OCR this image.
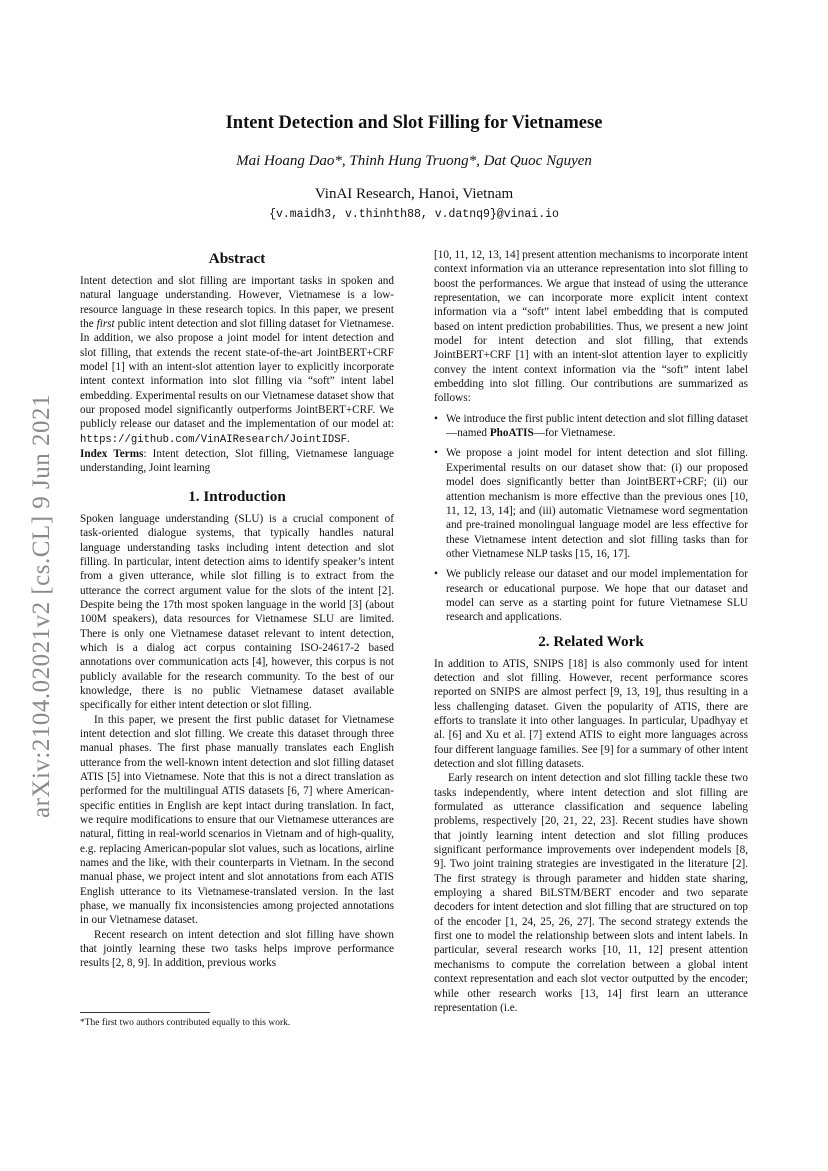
arXiv:2104.02021v2 [cs.CL] 9 Jun 2021
Intent Detection and Slot Filling for Vietnamese
Mai Hoang Dao*, Thinh Hung Truong*, Dat Quoc Nguyen
VinAI Research, Hanoi, Vietnam
{v.maidh3, v.thinhth88, v.datnq9}@vinai.io
Abstract

Intent detection and slot filling are important tasks in spoken and natural language understanding. However, Vietnamese is a low-resource language in these research topics. In this paper, we present the first public intent detection and slot filling dataset for Vietnamese. In addition, we also propose a joint model for intent detection and slot filling, that extends the recent state-of-the-art JointBERT+CRF model [1] with an intent-slot attention layer to explicitly incorporate intent context information into slot filling via “soft” intent label embedding. Experimental results on our Vietnamese dataset show that our proposed model significantly outperforms JointBERT+CRF. We publicly release our dataset and the implementation of our model at: https://github.com/VinAIResearch/JointIDSF.

Index Terms: Intent detection, Slot filling, Vietnamese language understanding, Joint learning

1. Introduction

Spoken language understanding (SLU) is a crucial component of task-oriented dialogue systems, that typically handles natural language understanding tasks including intent detection and slot filling. In particular, intent detection aims to identify speaker’s intent from a given utterance, while slot filling is to extract from the utterance the correct argument value for the slots of the intent [2]. Despite being the 17th most spoken language in the world [3] (about 100M speakers), data resources for Vietnamese SLU are limited. There is only one Vietnamese dataset relevant to intent detection, which is a dialog act corpus containing ISO-24617-2 based annotations over communication acts [4], however, this corpus is not publicly available for the research community. To the best of our knowledge, there is no public Vietnamese dataset available specifically for either intent detection or slot filling.

In this paper, we present the first public dataset for Vietnamese intent detection and slot filling. We create this dataset through three manual phases. The first phase manually translates each English utterance from the well-known intent detection and slot filling dataset ATIS [5] into Vietnamese. Note that this is not a direct translation as performed for the multilingual ATIS datasets [6, 7] where American-specific entities in English are kept intact during translation. In fact, we require modifications to ensure that our Vietnamese utterances are natural, fitting in real-world scenarios in Vietnam and of high-quality, e.g. replacing American-popular slot values, such as locations, airline names and the like, with their counterparts in Vietnam. In the second manual phase, we project intent and slot annotations from each ATIS English utterance to its Vietnamese-translated version. In the last phase, we manually fix inconsistencies among projected annotations in our Vietnamese dataset.

Recent research on intent detection and slot filling have shown that jointly learning these two tasks helps improve performance results [2, 8, 9]. In addition, previous works

*The first two authors contributed equally to this work.

[10, 11, 12, 13, 14] present attention mechanisms to incorporate intent context information via an utterance representation into slot filling to boost the performances. We argue that instead of using the utterance representation, we can incorporate more explicit intent context information via a “soft” intent label embedding that is computed based on intent prediction probabilities. Thus, we present a new joint model for intent detection and slot filling, that extends JointBERT+CRF [1] with an intent-slot attention layer to explicitly convey the intent context information via the “soft” intent label embedding into slot filling. Our contributions are summarized as follows:

• We introduce the first public intent detection and slot filling dataset—named PhoATIS—for Vietnamese.
• We propose a joint model for intent detection and slot filling. Experimental results on our dataset show that: (i) our proposed model does significantly better than JointBERT+CRF; (ii) our attention mechanism is more effective than the previous ones [10, 11, 12, 13, 14]; and (iii) automatic Vietnamese word segmentation and pre-trained monolingual language model are less effective for these Vietnamese intent detection and slot filling tasks than for other Vietnamese NLP tasks [15, 16, 17].
• We publicly release our dataset and our model implementation for research or educational purpose. We hope that our dataset and model can serve as a starting point for future Vietnamese SLU research and applications.
2. Related Work

In addition to ATIS, SNIPS [18] is also commonly used for intent detection and slot filling. However, recent performance scores reported on SNIPS are almost perfect [9, 13, 19], thus resulting in a less challenging dataset. Given the popularity of ATIS, there are efforts to translate it into other languages. In particular, Upadhyay et al. [6] and Xu et al. [7] extend ATIS to eight more languages across four different language families. See [9] for a summary of other intent detection and slot filling datasets.

Early research on intent detection and slot filling tackle these two tasks independently, where intent detection and slot filling are formulated as utterance classification and sequence labeling problems, respectively [20, 21, 22, 23]. Recent studies have shown that jointly learning intent detection and slot filling produces significant performance improvements over independent models [8, 9]. Two joint training strategies are investigated in the literature [2]. The first strategy is through parameter and hidden state sharing, employing a shared BiLSTM/BERT encoder and two separate decoders for intent detection and slot filling that are structured on top of the encoder [1, 24, 25, 26, 27]. The second strategy extends the first one to model the relationship between slots and intent labels. In particular, several research works [10, 11, 12] present attention mechanisms to compute the correlation between a global intent context representation and each slot vector outputted by the encoder; while other research works [13, 14] first learn an utterance representation (i.e.
